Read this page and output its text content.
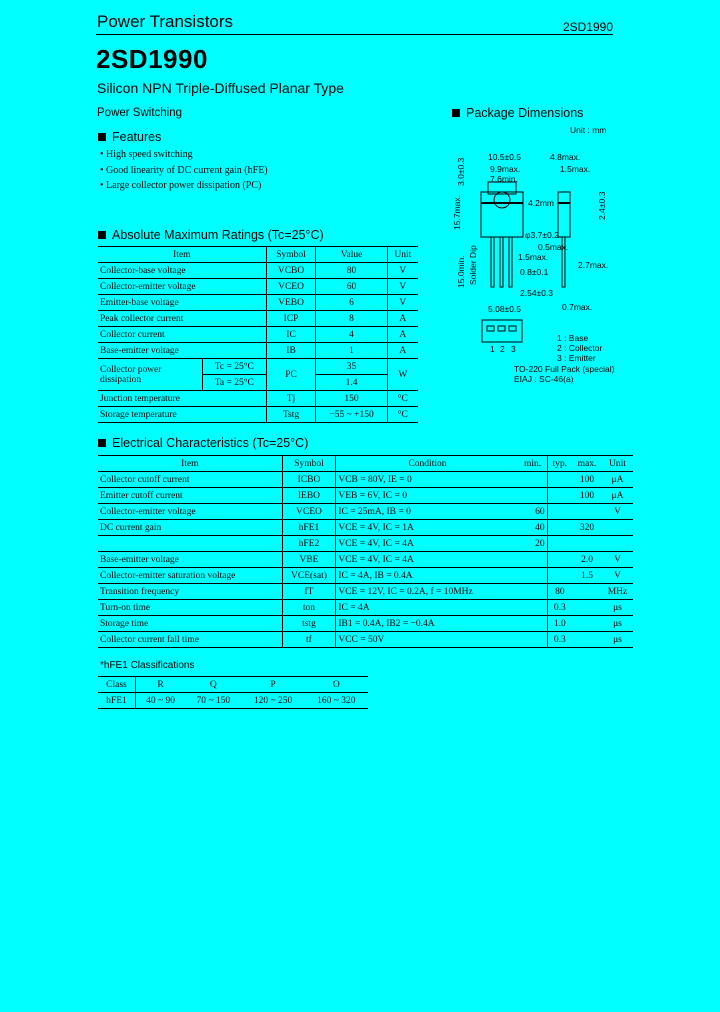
Power Transistors	2SD1990
2SD1990
Silicon NPN Triple-Diffused Planar Type
Power Switching
Features
• High speed switching
• Good linearity of DC current gain (hFE)
• Large collector power dissipation (PC)
Absolute Maximum Ratings (Tc=25°C)
Item		Symbol	Value	Unit
Collector-base voltage		VCBO	80	V
Collector-emitter voltage		VCEO	60	V
Emitter-base voltage		VEBO	6	V
Peak collector current		ICP	8	A
Collector current		IC	4	A
Base-emitter voltage		IB	1	A
Collector power dissipation	Tc = 25°C	PC	35	W
	Ta = 25°C		1.4	
Junction temperature		Tj	150	°C
Storage temperature		Tstg	−55 ~ +150	°C
Electrical Characteristics (Tc=25°C)
Item	Symbol	Condition	min.	typ.	max.	Unit
Collector cutoff current	ICBO	VCB = 80V, IE = 0			100	μA
Emitter cutoff current	IEBO	VEB = 6V, IC = 0			100	μA
Collector-emitter voltage	VCEO	IC = 25mA, IB = 0	60			V
DC current gain	hFE1	VCE = 4V, IC = 1A	40		320	
	hFE2	VCE = 4V, IC = 4A	20			
Base-emitter voltage	VBE	VCE = 4V, IC = 4A			2.0	V
Collector-emitter saturation voltage	VCE(sat)	IC = 4A, IB = 0.4A			1.5	V
Transition frequency	fT	VCE = 12V, IC = 0.2A, f = 10MHz		80		MHz
Turn-on time	ton	IC = 4A		0.3		μs
Storage time	tstg	IB1 = 0.4A, IB2 = −0.4A		1.0		μs
Collector current fall time	tf	VCC = 50V		0.3		μs
*hFE1 Classifications
Class	R	Q	P	O
hFE1	40 ~ 90	70 ~ 150	120 ~ 250	160 ~ 320
Package Dimensions
Unit : mm
10.5±0.5
9.9max.
7.6min.
3.0±0.3
4.2mm
15.7max.
φ3.7±0.2
1.5max.
0.8±0.1
2.54±0.3
5.08±0.5
15.0min. Solder Dip
4.8max.
1.5max.
2.4±0.3
0.5max.
2.7max.
0.7max.
1 2 3
1 : Base
2 : Collector
3 : Emitter
TO-220 Full Pack (special)
EIAJ : SC-46(a)
